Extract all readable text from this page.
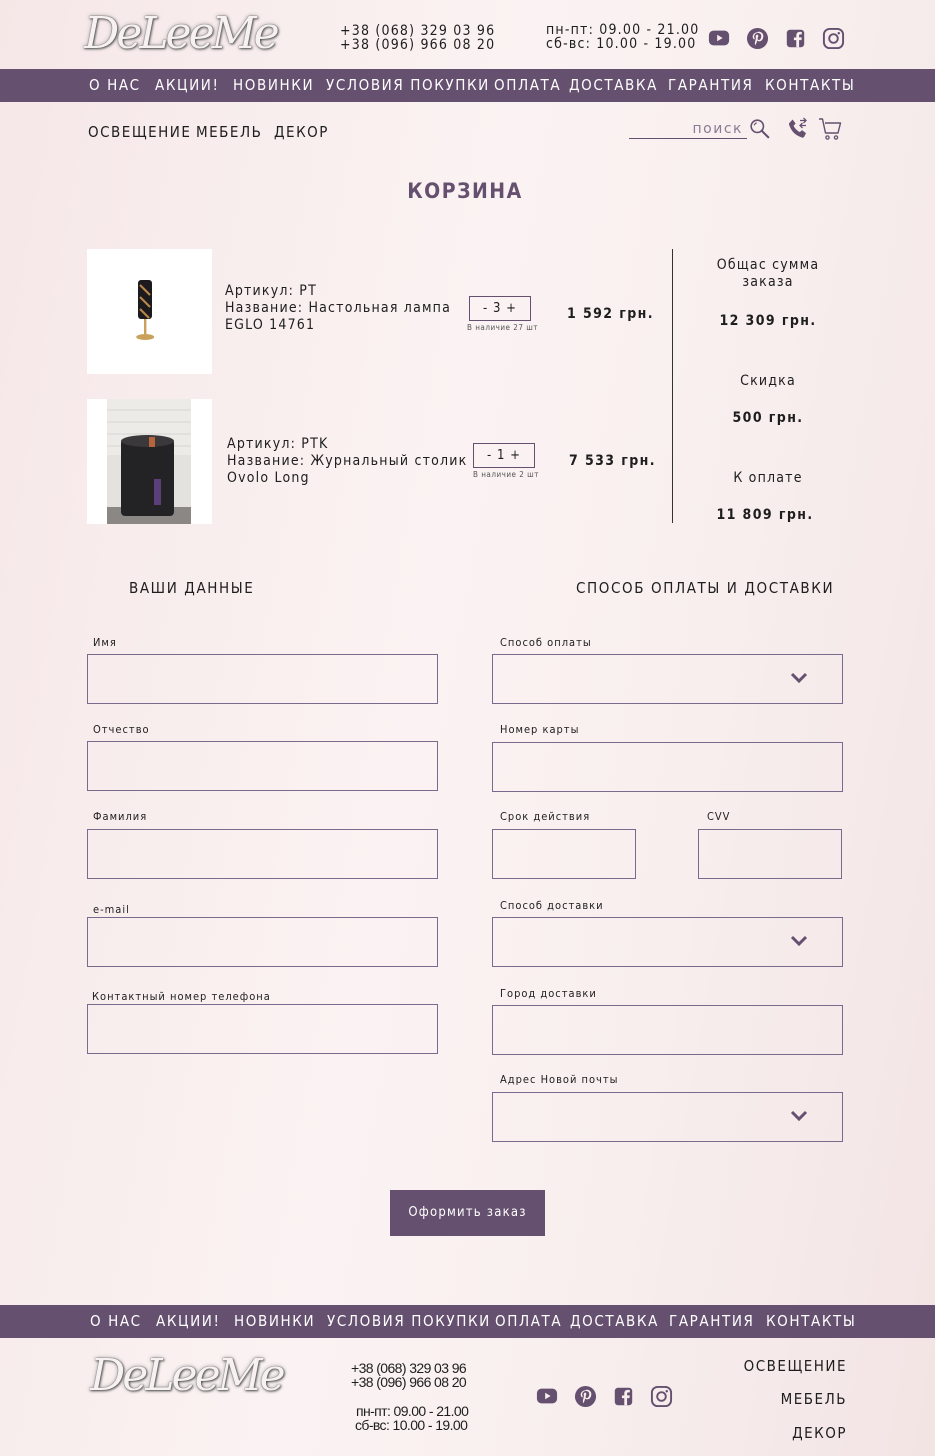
DeLeeMe	+38 (068) 329 03 96
+38 (096) 966 08 20
пн-пт: 09.00 - 21.00
сб-вс: 10.00 - 19.00
О НАС АКЦИИ! НОВИНКИ УСЛОВИЯ ПОКУПКИ ОПЛАТА ДОСТАВКА ГАРАНТИЯ КОНТАКТЫ
ОСВЕЩЕНИЕ МЕБЕЛЬ ДЕКОР
поиск
КОРЗИНА
Артикул: PT
Название: Настольная лампа
EGLO 14761
- 3 +
В наличие 27 шт
1 592 грн.
Артикул: PTK
Название: Журнальный столик
Ovolo Long
- 1 +
В наличие 2 шт
7 533 грн.
Общаc сумма
заказа
12 309 грн.
Скидка
500 грн.
К оплате
11 809 грн.
ВАШИ ДАННЫЕ	СПОСОБ ОПЛАТЫ И ДОСТАВКИ
Имя
Отчество
Фамилия
e-mail
Контактный номер телефона
Способ оплаты
Номер карты
Срок действия	CVV
Способ доставки
Город доставки
Адрес Новой почты
Оформить заказ
О НАС АКЦИИ! НОВИНКИ УСЛОВИЯ ПОКУПКИ ОПЛАТА ДОСТАВКА ГАРАНТИЯ КОНТАКТЫ
DeLeeMe	+38 (068) 329 03 96
+38 (096) 966 08 20
пн-пт: 09.00 - 21.00
сб-вс: 10.00 - 19.00
ОСВЕЩЕНИЕ
МЕБЕЛЬ
ДЕКОР
